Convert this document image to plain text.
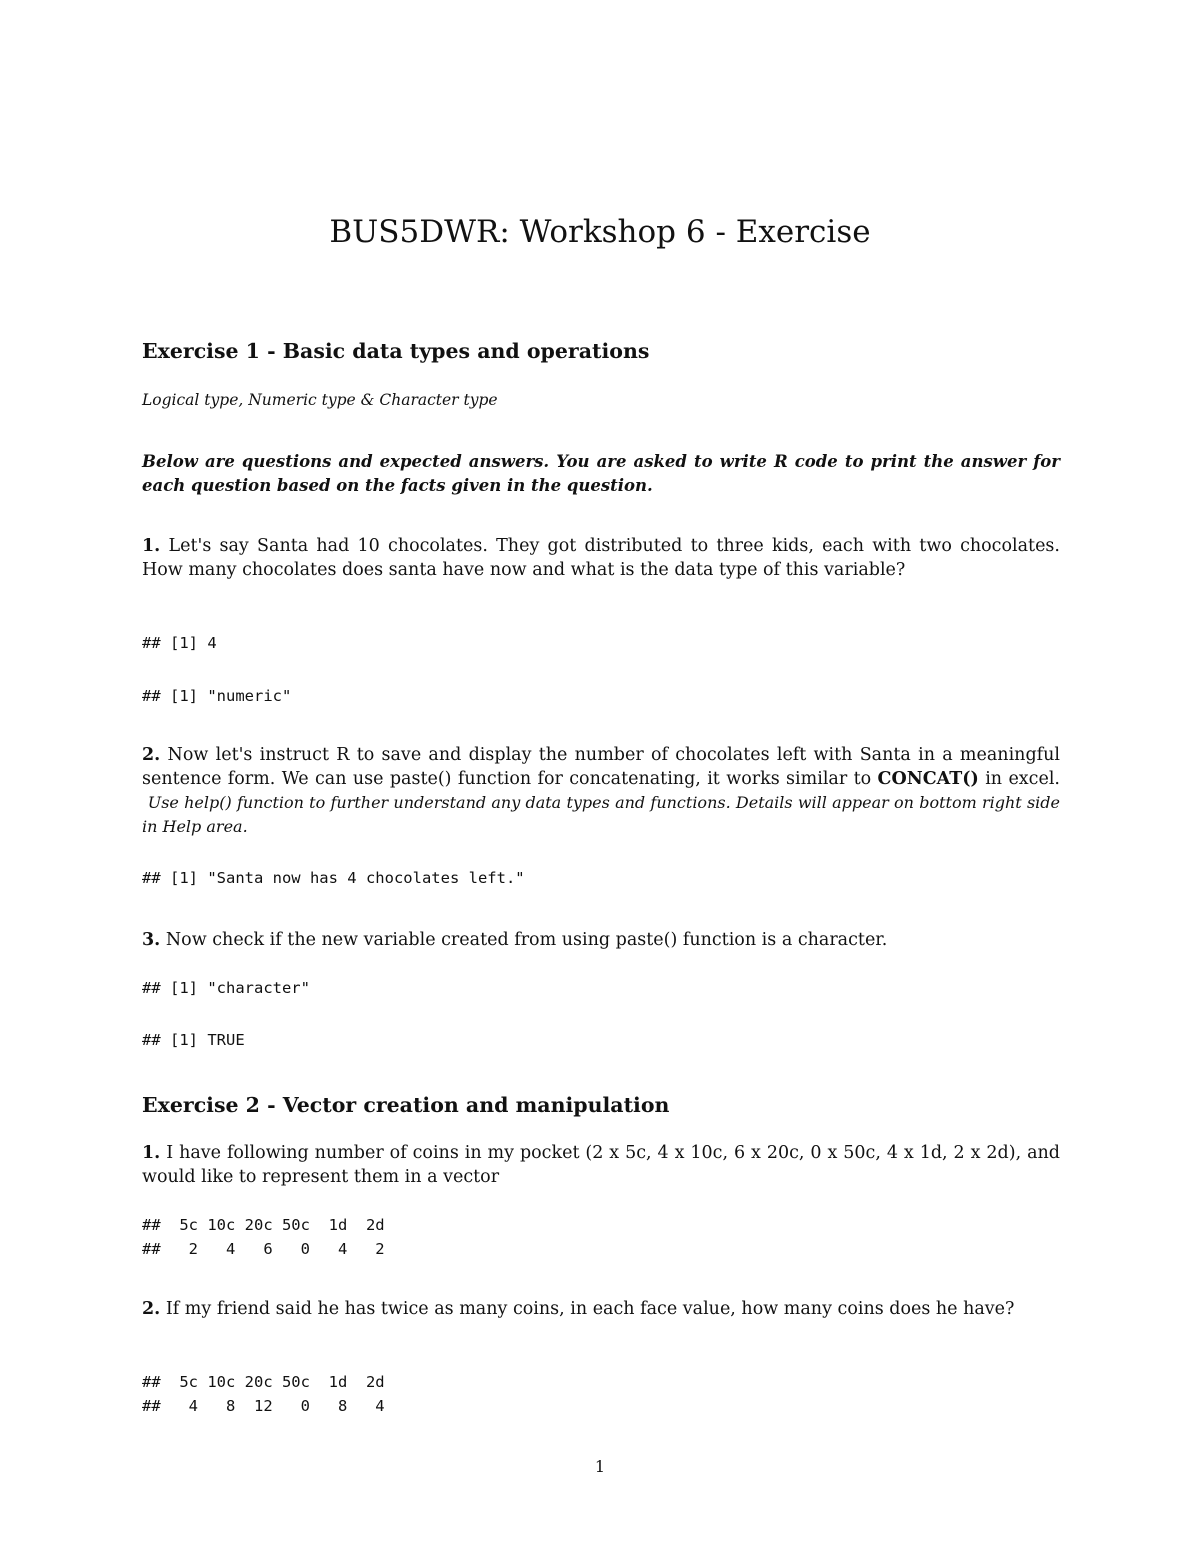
BUS5DWR: Workshop 6 - Exercise
Exercise 1 - Basic data types and operations
Logical type, Numeric type & Character type
Below are questions and expected answers. You are asked to write R code to print the answer for each question based on the facts given in the question.

1. Let's say Santa had 10 chocolates. They got distributed to three kids, each with two chocolates. How many chocolates does santa have now and what is the data type of this variable?

## [1] 4
## [1] "numeric"

2. Now let's instruct R to save and display the number of chocolates left with Santa in a meaningful sentence form. We can use paste() function for concatenating, it works similar to CONCAT() in excel.  Use help() function to further understand any data types and functions. Details will appear on bottom right side in Help area.

## [1] "Santa now has 4 chocolates left."

3. Now check if the new variable created from using paste() function is a character.

## [1] "character"
## [1] TRUE
Exercise 2 - Vector creation and manipulation

1. I have following number of coins in my pocket (2 x 5c, 4 x 10c, 6 x 20c, 0 x 50c, 4 x 1d, 2 x 2d), and would like to represent them in a vector

##  5c 10c 20c 50c  1d  2d
##   2   4   6   0   4   2

2. If my friend said he has twice as many coins, in each face value, how many coins does he have?

##  5c 10c 20c 50c  1d  2d
##   4   8  12   0   8   4
1
